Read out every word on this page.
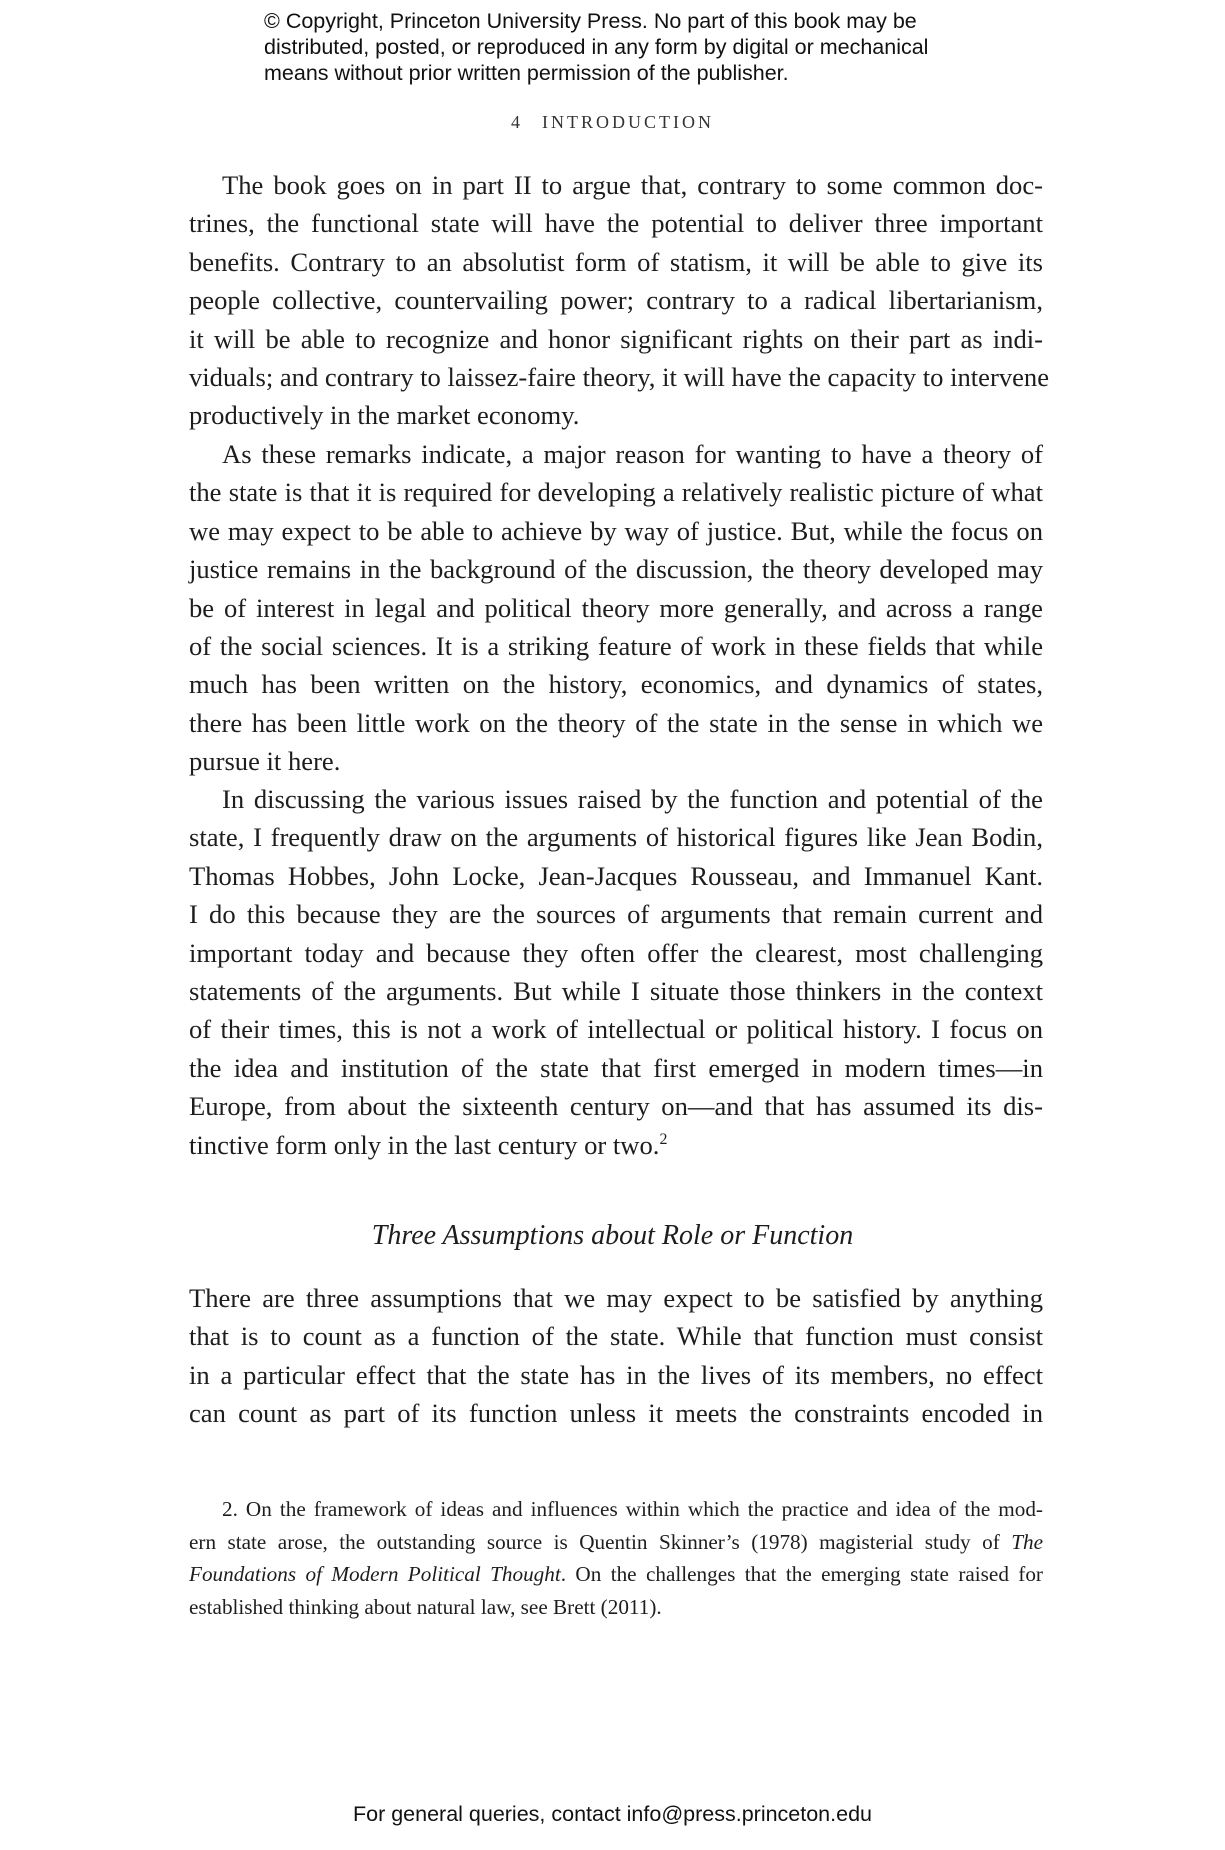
© Copyright, Princeton University Press. No part of this book may be
distributed, posted, or reproduced in any form by digital or mechanical
means without prior written permission of the publisher.
4 INTRODUCTION
The book goes on in part II to argue that, contrary to some common doc-
trines, the functional state will have the potential to deliver three important
benefits. Contrary to an absolutist form of statism, it will be able to give its
people collective, countervailing power; contrary to a radical libertarianism,
it will be able to recognize and honor significant rights on their part as indi-
viduals; and contrary to laissez-faire theory, it will have the capacity to intervene
productively in the market economy.
As these remarks indicate, a major reason for wanting to have a theory of
the state is that it is required for developing a relatively realistic picture of what
we may expect to be able to achieve by way of justice. But, while the focus on
justice remains in the background of the discussion, the theory developed may
be of interest in legal and political theory more generally, and across a range
of the social sciences. It is a striking feature of work in these fields that while
much has been written on the history, economics, and dynamics of states,
there has been little work on the theory of the state in the sense in which we
pursue it here.
In discussing the various issues raised by the function and potential of the
state, I frequently draw on the arguments of historical figures like Jean Bodin,
Thomas Hobbes, John Locke, Jean-Jacques Rousseau, and Immanuel Kant.
I do this because they are the sources of arguments that remain current and
important today and because they often offer the clearest, most challenging
statements of the arguments. But while I situate those thinkers in the context
of their times, this is not a work of intellectual or political history. I focus on
the idea and institution of the state that first emerged in modern times—in
Europe, from about the sixteenth century on—and that has assumed its dis-
tinctive form only in the last century or two.$^2$
Three Assumptions about Role or Function
There are three assumptions that we may expect to be satisfied by anything
that is to count as a function of the state. While that function must consist
in a particular effect that the state has in the lives of its members, no effect
can count as part of its function unless it meets the constraints encoded in
2. On the framework of ideas and influences within which the practice and idea of the mod-
ern state arose, the outstanding source is Quentin Skinner’s (1978) magisterial study of The
Foundations of Modern Political Thought. On the challenges that the emerging state raised for
established thinking about natural law, see Brett (2011).
For general queries, contact info@press.princeton.edu
